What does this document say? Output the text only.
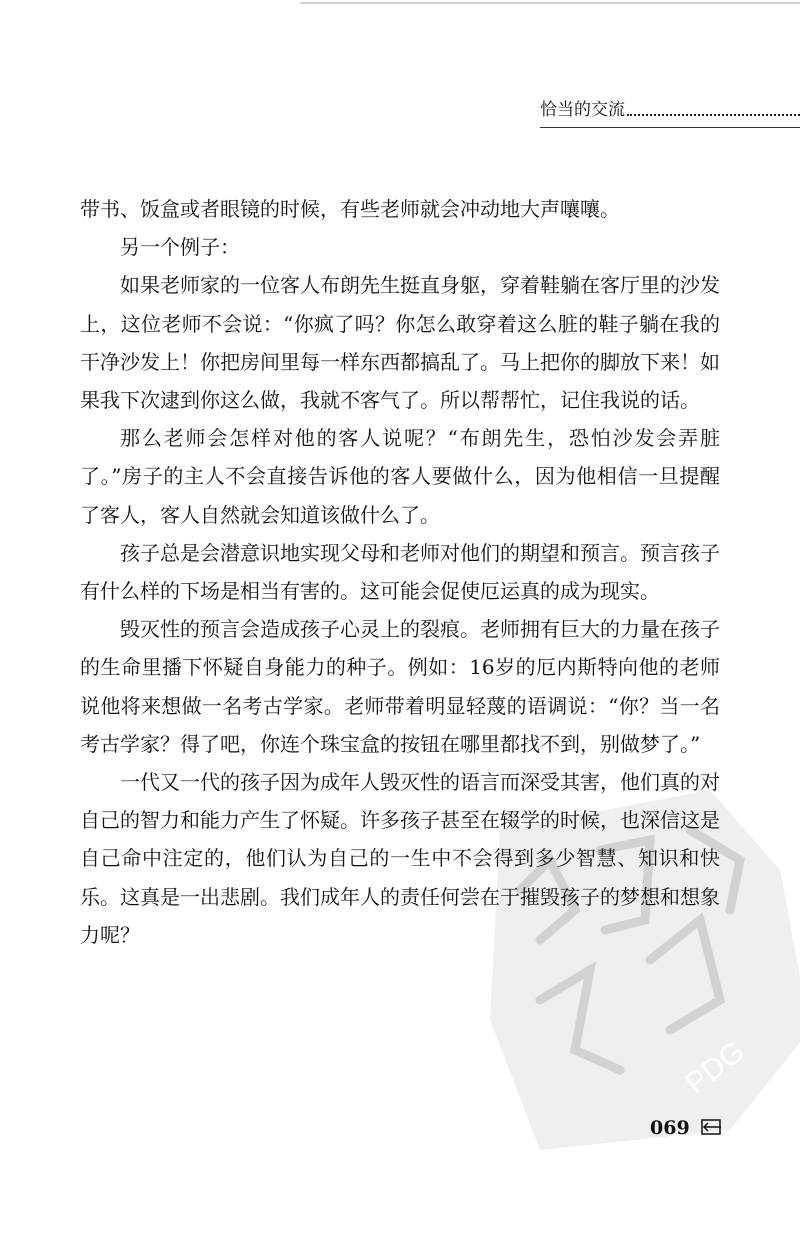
恰当的交流
PDG

带书、饭盒或者眼镜的时候，有些老师就会冲动地大声嚷嚷。

另一个例子：

如果老师家的一位客人布朗先生挺直身躯，穿着鞋躺在客厅里的沙发上，这位老师不会说：“你疯了吗？你怎么敢穿着这么脏的鞋子躺在我的干净沙发上！你把房间里每一样东西都搞乱了。马上把你的脚放下来！如果我下次逮到你这么做，我就不客气了。所以帮帮忙，记住我说的话。

那么老师会怎样对他的客人说呢？“布朗先生，恐怕沙发会弄脏了。”房子的主人不会直接告诉他的客人要做什么，因为他相信一旦提醒了客人，客人自然就会知道该做什么了。

孩子总是会潜意识地实现父母和老师对他们的期望和预言。预言孩子有什么样的下场是相当有害的。这可能会促使厄运真的成为现实。

毁灭性的预言会造成孩子心灵上的裂痕。老师拥有巨大的力量在孩子的生命里播下怀疑自身能力的种子。例如：16岁的厄内斯特向他的老师说他将来想做一名考古学家。老师带着明显轻蔑的语调说：“你？当一名考古学家？得了吧，你连个珠宝盒的按钮在哪里都找不到，别做梦了。”

一代又一代的孩子因为成年人毁灭性的语言而深受其害，他们真的对自己的智力和能力产生了怀疑。许多孩子甚至在辍学的时候，也深信这是自己命中注定的，他们认为自己的一生中不会得到多少智慧、知识和快乐。这真是一出悲剧。我们成年人的责任何尝在于摧毁孩子的梦想和想象力呢？

069
